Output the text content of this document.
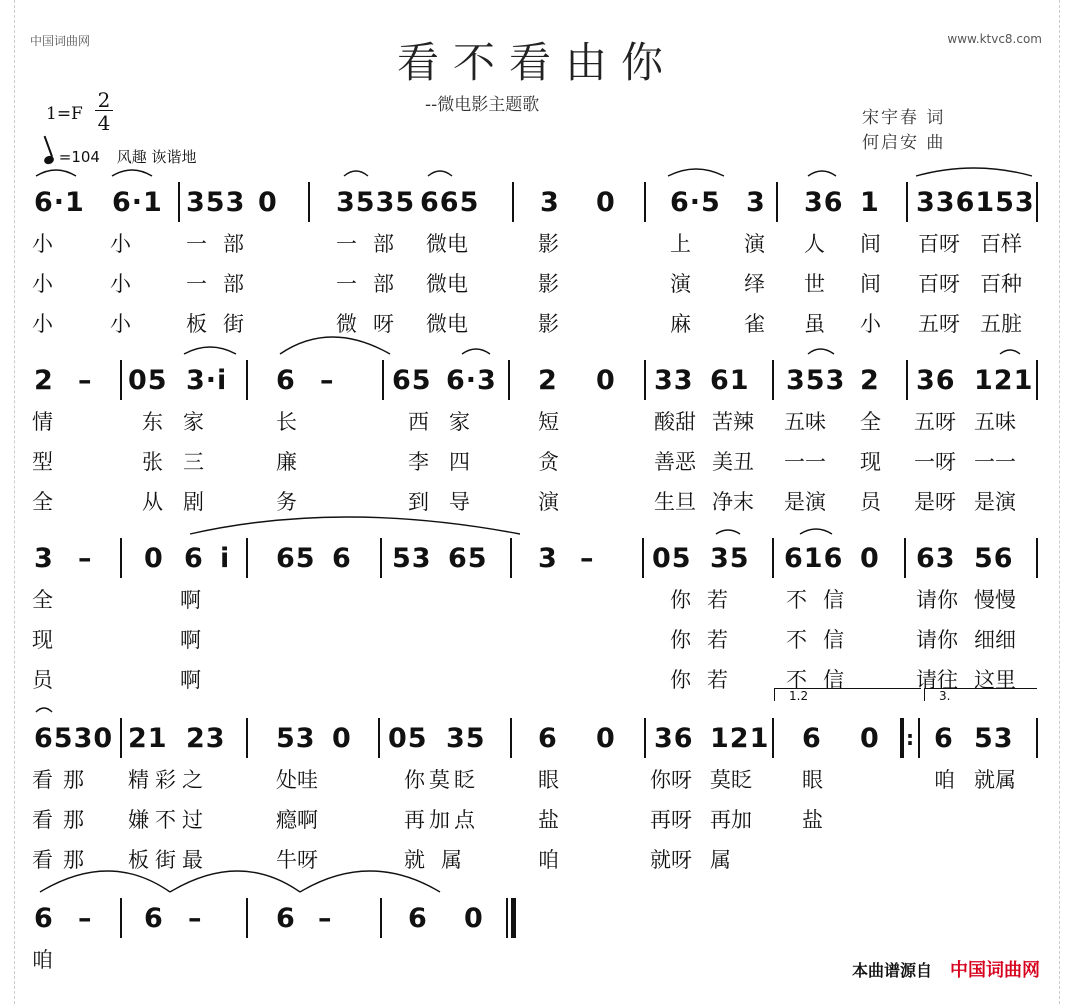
中国词曲网	www.ktvc8.com
看不看由你
--微电影主题歌
宋宇春 词
何启安 曲
1=F
2
4
=104 风趣 诙谐地
6·1 6·1 353 0 3535 665 3 0 6·5 3 36 1 336153
小	小	一部	一部 微电	影	上	演 人 间 百呀 百样
小	小	一部	一部 微电	影	演	绎 世 间 百呀 百种
小	小	板街	微呀 微电	影	麻	雀 虽 小 五呀 五脏
2 – 05 3·i 6 – 65 6·3 2 0 33 61 353 2 36 121
情	东家 长	西家 短	酸甜 苦辣 五味 全 五呀 五味
型	张三 廉	李四 贪	善恶 美丑 一一 现 一呀 一一
全	从剧 务	到导 演	生旦 净末 是演 员 是呀 是演
3 – 0 6 i 65 6 53 65 3 – 05 35 616 0 63 56
全	啊	你若 不信	请你 慢慢
现	啊	你若 不信	请你 细细
员	啊	你若 不信	请往 这里
1.2	3.
6530 21 23 53 0 05 35 6 0 36 121 6 0 : 6 53
看那 精彩之	处哇	你莫眨	眼	你呀 莫眨 眼	咱 就属
看那 嫌不过	瘾啊	再加点	盐	再呀 再加 盐
看那 板街最	牛呀	就属	咱	就呀 属
6 – 6 –	6 –	6 0
咱	本曲谱源自 中国词曲网
